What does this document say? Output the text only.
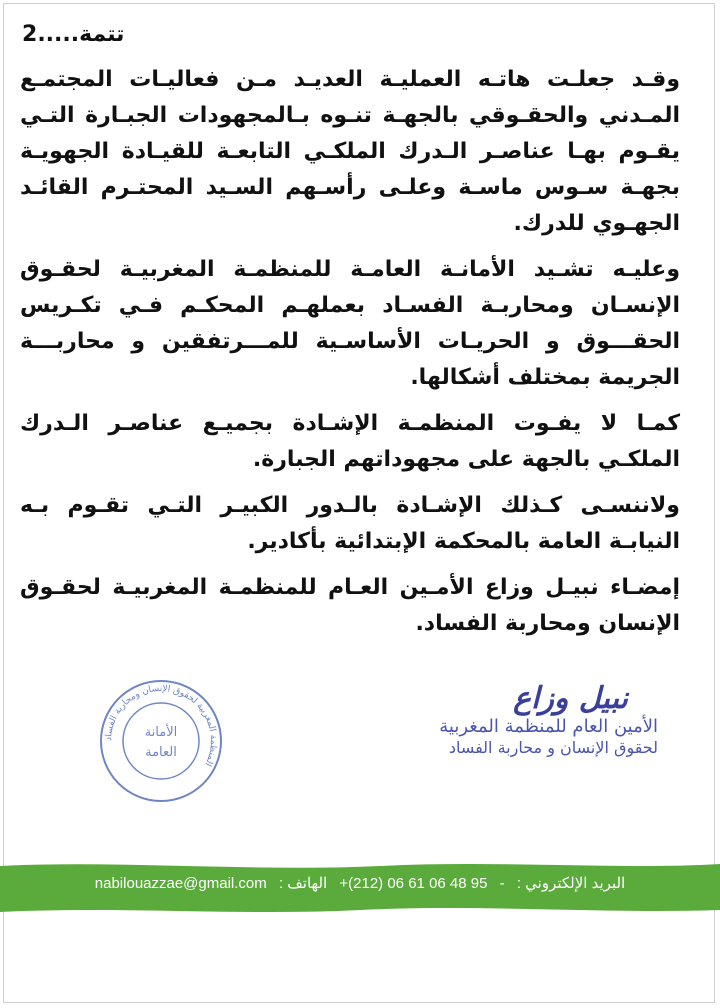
تتمة.....2

وقـد جعلـت هاتـه العمليـة العديـد مـن فعاليـات المجتمـع المـدني والحقـوقي بالجهـة تنـوه بـالمجهودات الجبـارة التـي يقـوم بهـا عناصـر الـدرك الملكـي التابعـة للقيـادة الجهويـة بجهـة سـوس ماسـة وعلـى رأسـهم السـيد المحتـرم القائـد الجهـوي للدرك.

وعليـه تشـيد الأمانـة العامـة للمنظمـة المغربيـة لحقـوق الإنسـان ومحاربـة الفسـاد بعملهـم المحكـم فـي تكـريس الحقـــوق و الحريـات الأساسـية للمـــرتفقين و محاربـــة الجريمة بمختلف أشكالها.

كمـا لا يفـوت المنظمـة الإشـادة بجميـع عناصـر الـدرك الملكـي بالجهة على مجهوداتهم الجبارة.

ولاننسـى كـذلك الإشـادة بالـدور الكبيـر التـي تقـوم بـه النيابـة العامة بالمحكمة الإبتدائية بأكادير.

إمضـاء نبيـل وزاع الأمـين العـام للمنظمـة المغربيـة لحقـوق الإنسان ومحاربة الفساد.

المنظمة المغربية لحقوق الإنسان ومحاربة الفساد
الأمانة
العامة
نبيل وزاع
الأمين العام للمنظمة المغربية
لحقوق الإنسان و محاربة الفساد
nabilouazzae@gmail.com	البريد الإلكتروني : - 95 48 06 61 06 (212)+ الهاتف :
